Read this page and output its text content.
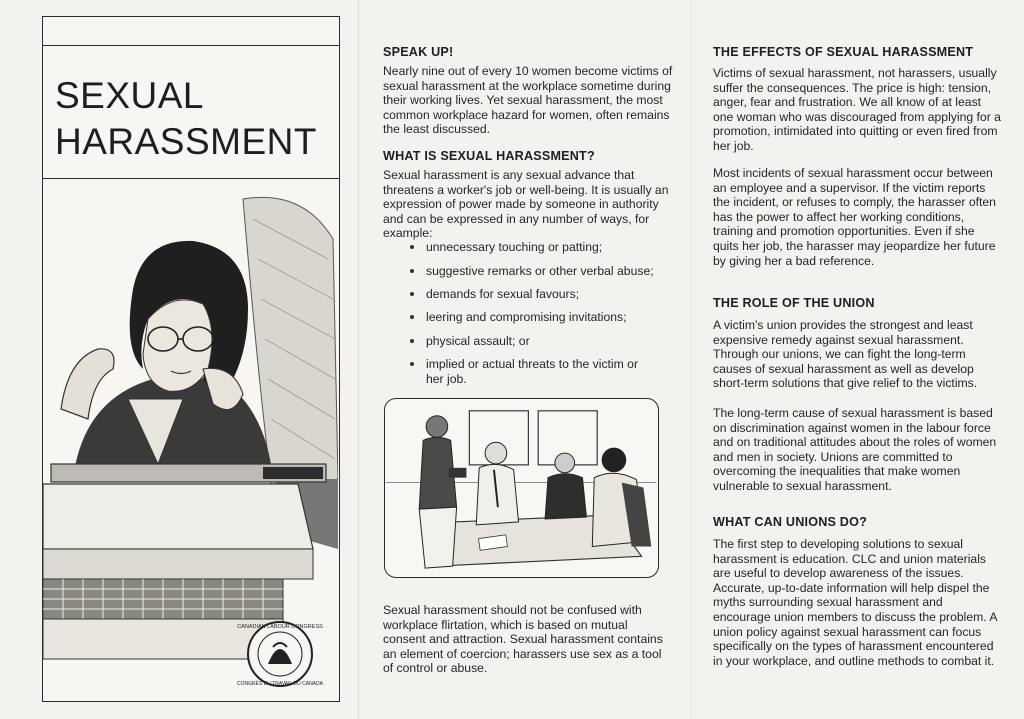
SEXUAL
HARASSMENT
CANADIAN LABOUR CONGRESS
CONGRÈS DU TRAVAIL DU CANADA
SPEAK UP!

Nearly nine out of every 10 women become victims of sexual harassment at the workplace sometime during their working lives. Yet sexual harassment, the most common workplace hazard for women, often remains the least discussed.

WHAT IS SEXUAL HARASSMENT?

Sexual harassment is any sexual advance that threatens a worker's job or well-being. It is usually an expression of power made by someone in authority and can be expressed in any number of ways, for example:

unnecessary touching or patting;
suggestive remarks or other verbal abuse;
demands for sexual favours;
leering and compromising invitations;
physical assault; or
implied or actual threats to the victim or her job.

Sexual harassment should not be confused with workplace flirtation, which is based on mutual consent and attraction. Sexual harassment contains an element of coercion; harassers use sex as a tool of control or abuse.

THE EFFECTS OF SEXUAL HARASSMENT

Victims of sexual harassment, not harassers, usually suffer the consequences. The price is high: tension, anger, fear and frustration. We all know of at least one woman who was discouraged from applying for a promotion, intimidated into quitting or even fired from her job.

Most incidents of sexual harassment occur between an employee and a supervisor. If the victim reports the incident, or refuses to comply, the harasser often has the power to affect her working conditions, training and promotion opportunities. Even if she quits her job, the harasser may jeopardize her future by giving her a bad reference.

THE ROLE OF THE UNION

A victim's union provides the strongest and least expensive remedy against sexual harassment. Through our unions, we can fight the long-term causes of sexual harassment as well as develop short-term solutions that give relief to the victims.

The long-term cause of sexual harassment is based on discrimination against women in the labour force and on traditional attitudes about the roles of women and men in society. Unions are committed to overcoming the inequalities that make women vulnerable to sexual harassment.

WHAT CAN UNIONS DO?

The first step to developing solutions to sexual harassment is education. CLC and union materials are useful to develop awareness of the issues. Accurate, up-to-date information will help dispel the myths surrounding sexual harassment and encourage union members to discuss the problem. A union policy against sexual harassment can focus specifically on the types of harassment encountered in your workplace, and outline methods to combat it.
